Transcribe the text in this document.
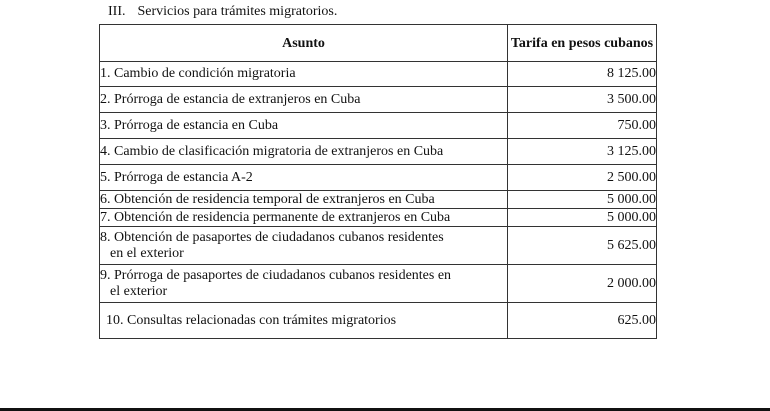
III. Servicios para trámites migratorios.
Asunto	Tarifa en pesos cubanos
1. Cambio de condición migratoria	8 125.00
2. Prórroga de estancia de extranjeros en Cuba	3 500.00
3. Prórroga de estancia en Cuba	750.00
4. Cambio de clasificación migratoria de extranjeros en Cuba	3 125.00
5. Prórroga de estancia A-2	2 500.00
6. Obtención de residencia temporal de extranjeros en Cuba	5 000.00
7. Obtención de residencia permanente de extranjeros en Cuba	5 000.00

8. Obtención de pasaportes de ciudadanos cubanos residentes
en el exterior	5 625.00

9. Prórroga de pasaportes de ciudadanos cubanos residentes en
el exterior	2 000.00
10. Consultas relacionadas con trámites migratorios	625.00
